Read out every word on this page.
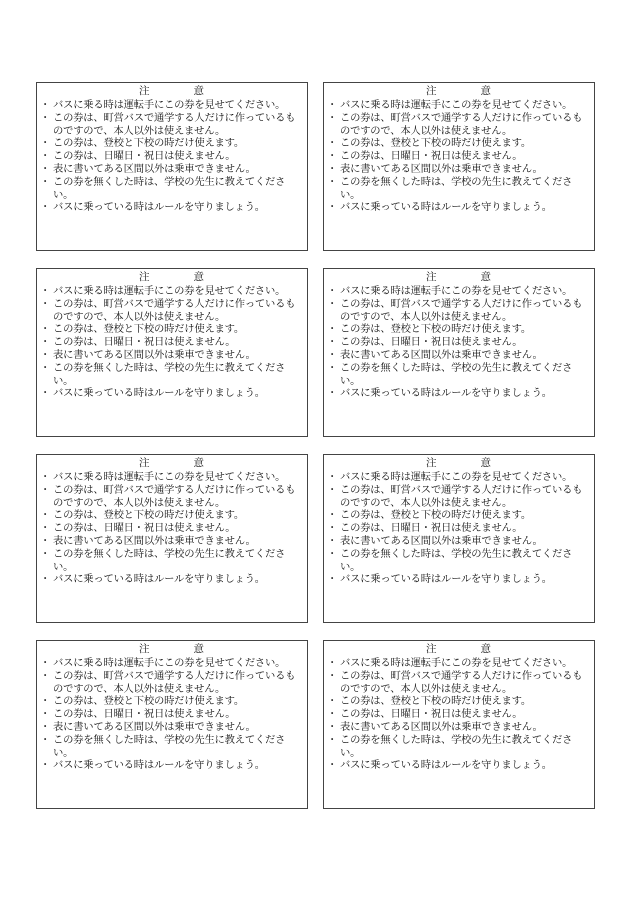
注	意
・ バスに乗る時は運転手にこの券を見せてください。
・ この券は、町営バスで通学する人だけに作っているものですので、本人以外は使えません。
・ この券は、登校と下校の時だけ使えます。
・ この券は、日曜日・祝日は使えません。
・ 表に書いてある区間以外は乗車できません。
・ この券を無くした時は、学校の先生に教えてください。
・ バスに乗っている時はルールを守りましょう。
注	意
・ バスに乗る時は運転手にこの券を見せてください。
・ この券は、町営バスで通学する人だけに作っているものですので、本人以外は使えません。
・ この券は、登校と下校の時だけ使えます。
・ この券は、日曜日・祝日は使えません。
・ 表に書いてある区間以外は乗車できません。
・ この券を無くした時は、学校の先生に教えてください。
・ バスに乗っている時はルールを守りましょう。
注	意
・ バスに乗る時は運転手にこの券を見せてください。
・ この券は、町営バスで通学する人だけに作っているものですので、本人以外は使えません。
・ この券は、登校と下校の時だけ使えます。
・ この券は、日曜日・祝日は使えません。
・ 表に書いてある区間以外は乗車できません。
・ この券を無くした時は、学校の先生に教えてください。
・ バスに乗っている時はルールを守りましょう。
注	意
・ バスに乗る時は運転手にこの券を見せてください。
・ この券は、町営バスで通学する人だけに作っているものですので、本人以外は使えません。
・ この券は、登校と下校の時だけ使えます。
・ この券は、日曜日・祝日は使えません。
・ 表に書いてある区間以外は乗車できません。
・ この券を無くした時は、学校の先生に教えてください。
・ バスに乗っている時はルールを守りましょう。
注	意
・ バスに乗る時は運転手にこの券を見せてください。
・ この券は、町営バスで通学する人だけに作っているものですので、本人以外は使えません。
・ この券は、登校と下校の時だけ使えます。
・ この券は、日曜日・祝日は使えません。
・ 表に書いてある区間以外は乗車できません。
・ この券を無くした時は、学校の先生に教えてください。
・ バスに乗っている時はルールを守りましょう。
注	意
・ バスに乗る時は運転手にこの券を見せてください。
・ この券は、町営バスで通学する人だけに作っているものですので、本人以外は使えません。
・ この券は、登校と下校の時だけ使えます。
・ この券は、日曜日・祝日は使えません。
・ 表に書いてある区間以外は乗車できません。
・ この券を無くした時は、学校の先生に教えてください。
・ バスに乗っている時はルールを守りましょう。
注	意
・ バスに乗る時は運転手にこの券を見せてください。
・ この券は、町営バスで通学する人だけに作っているものですので、本人以外は使えません。
・ この券は、登校と下校の時だけ使えます。
・ この券は、日曜日・祝日は使えません。
・ 表に書いてある区間以外は乗車できません。
・ この券を無くした時は、学校の先生に教えてください。
・ バスに乗っている時はルールを守りましょう。
注	意
・ バスに乗る時は運転手にこの券を見せてください。
・ この券は、町営バスで通学する人だけに作っているものですので、本人以外は使えません。
・ この券は、登校と下校の時だけ使えます。
・ この券は、日曜日・祝日は使えません。
・ 表に書いてある区間以外は乗車できません。
・ この券を無くした時は、学校の先生に教えてください。
・ バスに乗っている時はルールを守りましょう。
